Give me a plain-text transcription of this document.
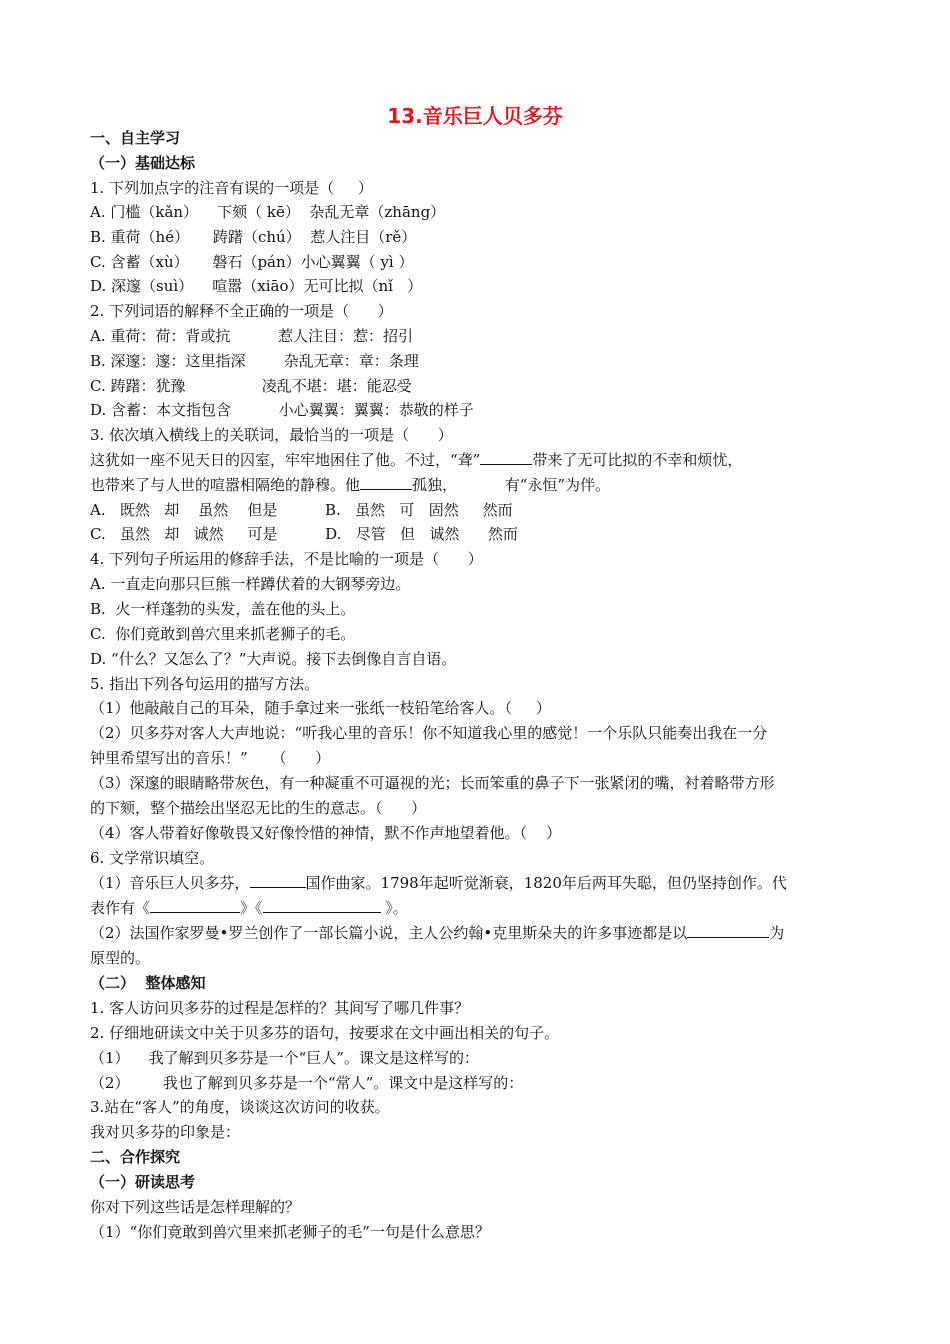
13.音乐巨人贝多芬
一、自主学习
（一）基础达标
1. 下列加点字的注音有误的一项是（     ）
A. 门槛（kǎn）    下颏（ kē）  杂乱无章（zhāng）
B. 重荷（hé）     踌躇（chú）  惹人注目（rě）
C. 含蓄（xù）     磐石（pán）小心翼翼（ yì ）
D. 深邃（suì）    喧嚣（xiāo）无可比拟（nǐ   ）
2. 下列词语的解释不全正确的一项是（      ）
A. 重荷：荷：背或抗          惹人注目：惹：招引
B. 深邃：邃：这里指深        杂乱无章：章：条理
C. 踌躇：犹豫                凌乱不堪：堪：能忍受
D. 含蓄：本文指包含          小心翼翼：翼翼：恭敬的样子
3. 依次填入横线上的关联词，最恰当的一项是（      ）
这犹如一座不见天日的囚室，牢牢地困住了他。不过，“聋”	带来了无可比拟的不幸和烦忧，
也带来了与人世的喧嚣相隔绝的静穆。他	孤独，          有“永恒”为伴。
A.   既然   却    虽然    但是          B.   虽然   可   固然     然而
C.   虽然   却   诚然     可是          D.   尽管   但   诚然      然而
4. 下列句子所运用的修辞手法，不是比喻的一项是（      ）
A. 一直走向那只巨熊一样蹲伏着的大钢琴旁边。
B.  火一样蓬勃的头发，盖在他的头上。
C.  你们竟敢到兽穴里来抓老狮子的毛。
D. “什么？又怎么了？”大声说。接下去倒像自言自语。
5. 指出下列各句运用的描写方法。
（1）他敲敲自己的耳朵，随手拿过来一张纸一枝铅笔给客人。（     ）
（2）贝多芬对客人大声地说：“听我心里的音乐！你不知道我心里的感觉！一个乐队只能奏出我在一分
钟里希望写出的音乐！”     （      ）
（3）深邃的眼睛略带灰色，有一种凝重不可逼视的光；长而笨重的鼻子下一张紧闭的嘴，衬着略带方形
的下颏，整个描绘出坚忍无比的生的意志。（      ）
（4）客人带着好像敬畏又好像怜惜的神情，默不作声地望着他。（    ）
6. 文学常识填空。
（1）音乐巨人贝多芬，	国作曲家。1798年起听觉渐衰，1820年后两耳失聪，但仍坚持创作。代
表作有《	》《	》。
（2）法国作家罗曼•罗兰创作了一部长篇小说，主人公约翰•克里斯朵夫的许多事迹都是以	为
原型的。
（二）  整体感知
1. 客人访问贝多芬的过程是怎样的？其间写了哪几件事？
2. 仔细地研读文中关于贝多芬的语句，按要求在文中画出相关的句子。
（1）    我了解到贝多芬是一个“巨人”。课文是这样写的：
（2）       我也了解到贝多芬是一个“常人”。课文中是这样写的：
3.站在“客人”的角度，谈谈这次访问的收获。
我对贝多芬的印象是：
二、合作探究
（一）研读思考
你对下列这些话是怎样理解的？
（1）“你们竟敢到兽穴里来抓老狮子的毛”一句是什么意思？
